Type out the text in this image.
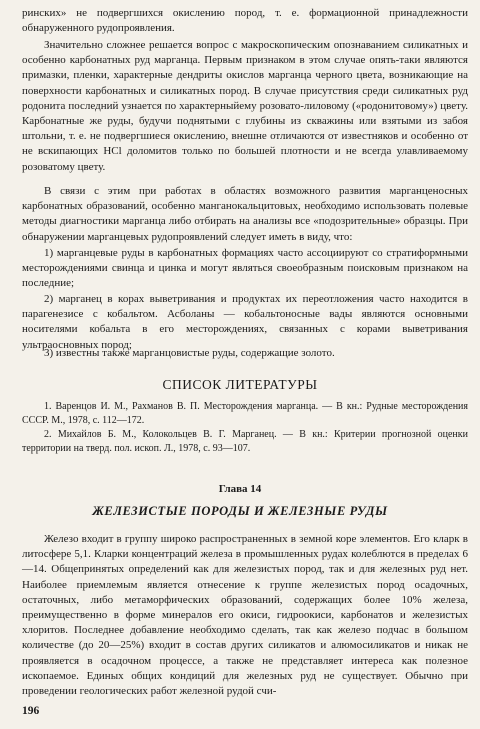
ринских» не подвергшихся окислению пород, т. е. формационной принадлежности обнаруженного рудопроявления.

Значительно сложнее решается вопрос с макроскопическим опознаванием силикатных и особенно карбонатных руд марганца. Первым признаком в этом случае опять-таки являются примазки, пленки, характерные дендриты окислов марганца черного цвета, возникающие на поверхности карбонатных и силикатных пород. В случае присутствия среди силикатных руд родонита последний узнается по характерныйему розовато-лиловому («родонитовому») цвету. Карбонатные же руды, будучи поднятыми с глубины из скважины или взятыми из забоя штольни, т. е. не подвергшиеся окислению, внешне отличаются от известняков и особенно от не вскипающих HCl доломитов только по большей плотности и не всегда улавливаемому розоватому цвету.

В связи с этим при работах в областях возможного развития марганценосных карбонатных образований, особенно манганокальцитовых, необходимо использовать полевые методы диагностики марганца либо отбирать на анализы все «подозрительные» образцы. При обнаружении марганцевых рудопроявлений следует иметь в виду, что:

1) марганцевые руды в карбонатных формациях часто ассоциируют со стратиформными месторождениями свинца и цинка и могут являться своеобразным поисковым признаком на последние;

2) марганец в корах выветривания и продуктах их переотложения часто находится в парагенезисе с кобальтом. Асболаны — кобальтоносные вады являются основными носителями кобальта в его месторождениях, связанных с корами выветривания ультраосновных пород;

3) известны также марганцовистые руды, содержащие золото.

СПИСОК ЛИТЕРАТУРЫ

1. Варенцов И. М., Рахманов В. П. Месторождения марганца. — В кн.: Рудные месторождения СССР. М., 1978, с. 112—172.

2. Михайлов Б. М., Колокольцев В. Г. Марганец. — В кн.: Критерии прогнозной оценки территории на тверд. пол. ископ. Л., 1978, с. 93—107.

Глава 14

ЖЕЛЕЗИСТЫЕ ПОРОДЫ И ЖЕЛЕЗНЫЕ РУДЫ

Железо входит в группу широко распространенных в земной коре элементов. Его кларк в литосфере 5,1. Кларки концентраций железа в промышленных рудах колеблются в пределах 6—14. Общепринятых определений как для железистых пород, так и для железных руд нет. Наиболее приемлемым является отнесение к группе железистых пород осадочных, остаточных, либо метаморфических образований, содержащих более 10% железа, преимущественно в форме минералов его окиси, гидроокиси, карбонатов и железистых хлоритов. Последнее добавление необходимо сделать, так как железо подчас в большом количестве (до 20—25%) входит в состав других силикатов и алюмосиликатов и никак не проявляется в осадочном процессе, а также не представляет интереса как полезное ископаемое. Единых общих кондиций для железных руд не существует. Обычно при проведении геологических работ железной рудой счи-

196
